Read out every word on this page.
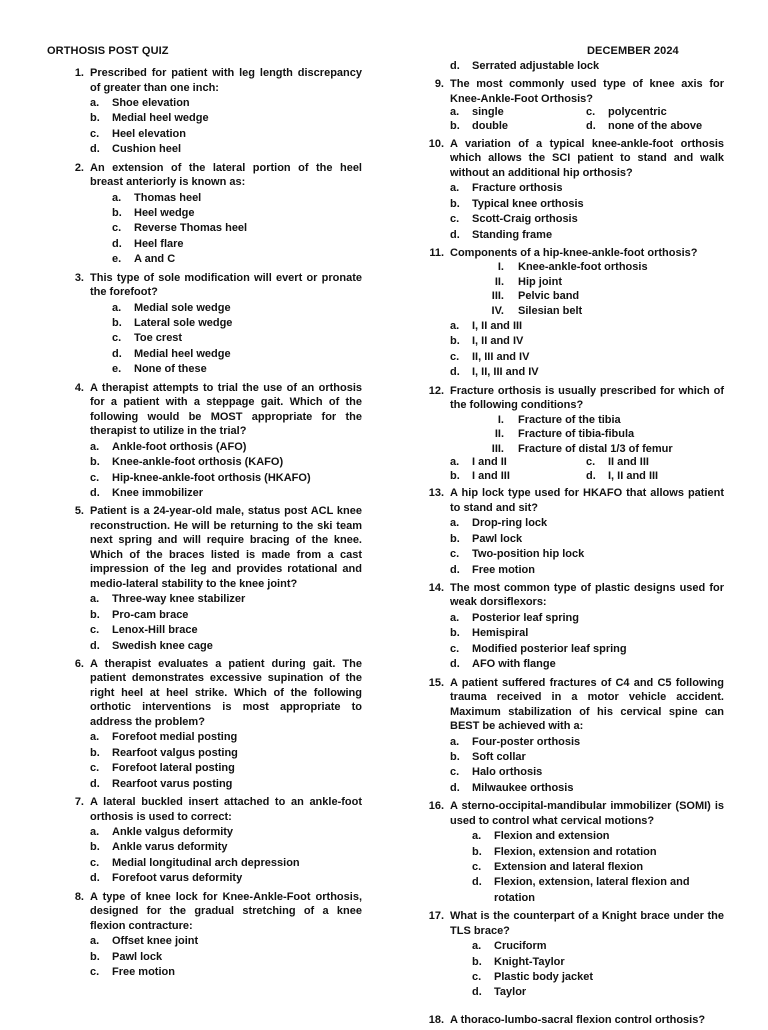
ORTHOSIS POST QUIZ	DECEMBER 2024
1. Prescribed for patient with leg length discrepancy of greater than one inch:
a. Shoe elevation
b. Medial heel wedge
c. Heel elevation
d. Cushion heel
2. An extension of the lateral portion of the heel breast anteriorly is known as:
a. Thomas heel
b. Heel wedge
c. Reverse Thomas heel
d. Heel flare
e. A and C
3. This type of sole modification will evert or pronate the forefoot?
a. Medial sole wedge
b. Lateral sole wedge
c. Toe crest
d. Medial heel wedge
e. None of these
4. A therapist attempts to trial the use of an orthosis for a patient with a steppage gait. Which of the following would be MOST appropriate for the therapist to utilize in the trial?
a. Ankle-foot orthosis (AFO)
b. Knee-ankle-foot orthosis (KAFO)
c. Hip-knee-ankle-foot orthosis (HKAFO)
d. Knee immobilizer
5. Patient is a 24-year-old male, status post ACL knee reconstruction. He will be returning to the ski team next spring and will require bracing of the knee. Which of the braces listed is made from a cast impression of the leg and provides rotational and medio-lateral stability to the knee joint?
a. Three-way knee stabilizer
b. Pro-cam brace
c. Lenox-Hill brace
d. Swedish knee cage
6. A therapist evaluates a patient during gait. The patient demonstrates excessive supination of the right heel at heel strike. Which of the following orthotic interventions is most appropriate to address the problem?
a. Forefoot medial posting
b. Rearfoot valgus posting
c. Forefoot lateral posting
d. Rearfoot varus posting
7. A lateral buckled insert attached to an ankle-foot orthosis is used to correct:
a. Ankle valgus deformity
b. Ankle varus deformity
c. Medial longitudinal arch depression
d. Forefoot varus deformity
8. A type of knee lock for Knee-Ankle-Foot orthosis, designed for the gradual stretching of a knee flexion contracture:
a. Offset knee joint
b. Pawl lock
c. Free motion
d. Serrated adjustable lock
9. The most commonly used type of knee axis for Knee-Ankle-Foot Orthosis?
a. single	c. polycentric
b. double	d. none of the above
10. A variation of a typical knee-ankle-foot orthosis which allows the SCI patient to stand and walk without an additional hip orthosis?
a. Fracture orthosis
b. Typical knee orthosis
c. Scott-Craig orthosis
d. Standing frame
11. Components of a hip-knee-ankle-foot orthosis?
I. Knee-ankle-foot orthosis
II. Hip joint
III. Pelvic band
IV. Silesian belt
a. I, II and III
b. I, II and IV
c. II, III and IV
d. I, II, III and IV
12. Fracture orthosis is usually prescribed for which of the following conditions?
I. Fracture of the tibia
II. Fracture of tibia-fibula
III. Fracture of distal 1/3 of femur
a. I and II	c. II and III
b. I and III	d. I, II and III
13. A hip lock type used for HKAFO that allows patient to stand and sit?
a. Drop-ring lock
b. Pawl lock
c. Two-position hip lock
d. Free motion
14. The most common type of plastic designs used for weak dorsiflexors:
a. Posterior leaf spring
b. Hemispiral
c. Modified posterior leaf spring
d. AFO with flange
15. A patient suffered fractures of C4 and C5 following trauma received in a motor vehicle accident. Maximum stabilization of his cervical spine can BEST be achieved with a:
a. Four-poster orthosis
b. Soft collar
c. Halo orthosis
d. Milwaukee orthosis
16. A sterno-occipital-mandibular immobilizer (SOMI) is used to control what cervical motions?
a. Flexion and extension
b. Flexion, extension and rotation
c. Extension and lateral flexion
d. Flexion, extension, lateral flexion and rotation
17. What is the counterpart of a Knight brace under the TLS brace?
a. Cruciform
b. Knight-Taylor
c. Plastic body jacket
d. Taylor
18. A thoraco-lumbo-sacral flexion control orthosis?
